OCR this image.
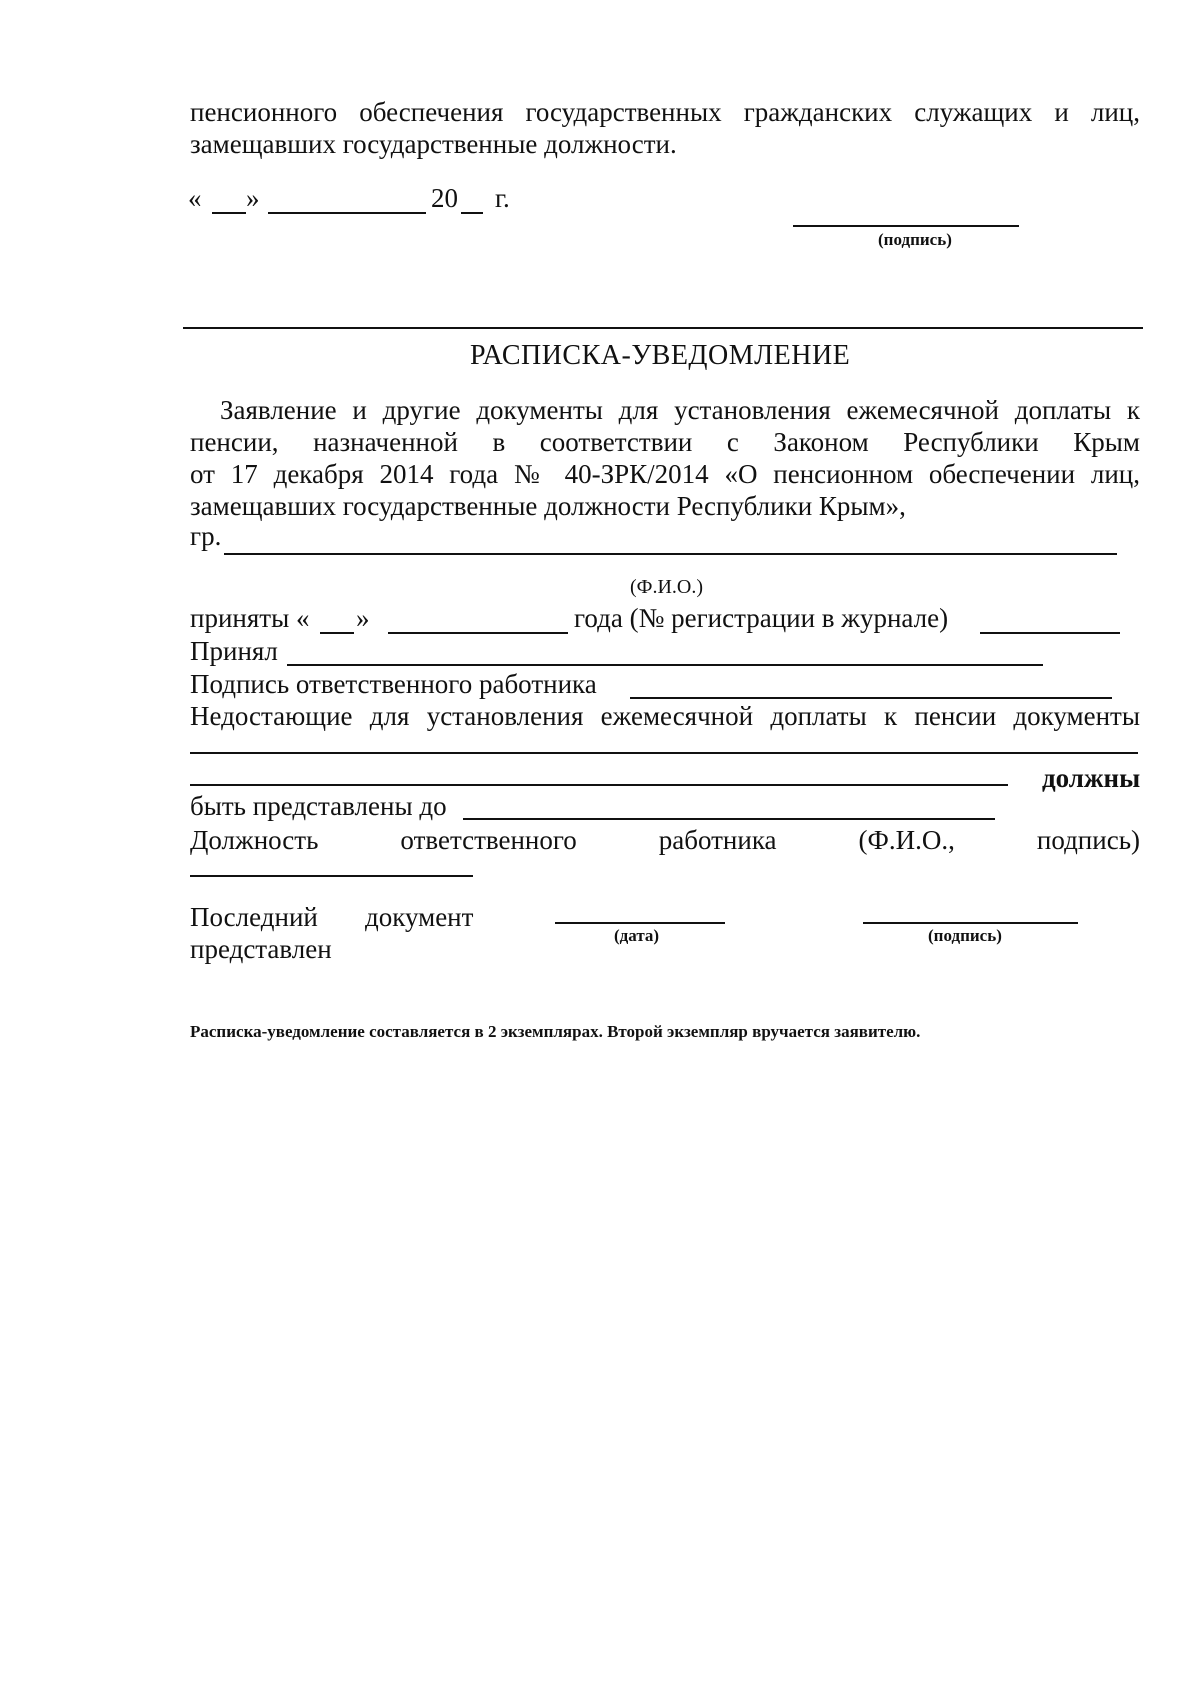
пенсионного обеспечения государственных гражданских служащих и лиц,
замещавших государственные должности.
« »	20 г.
(подпись)
РАСПИСКА-УВЕДОМЛЕНИЕ
Заявление и другие документы для установления ежемесячной доплаты к
пенсии, назначенной в соответствии с Законом Республики Крым
от 17 декабря 2014 года № 40-ЗРК/2014 «О пенсионном обеспечении лиц,
замещавших государственные должности Республики Крым»,
гр.
(Ф.И.О.)
приняты « »	года (№ регистрации в журнале)
Принял
Подпись ответственного работника
Недостающие для установления ежемесячной доплаты к пенсии документы
должны
быть представлены до
Должность ответственного работника (Ф.И.О., подпись)
Последний документ
представлен	(дата)	(подпись)
Расписка-уведомление составляется в 2 экземплярах. Второй экземпляр вручается заявителю.
